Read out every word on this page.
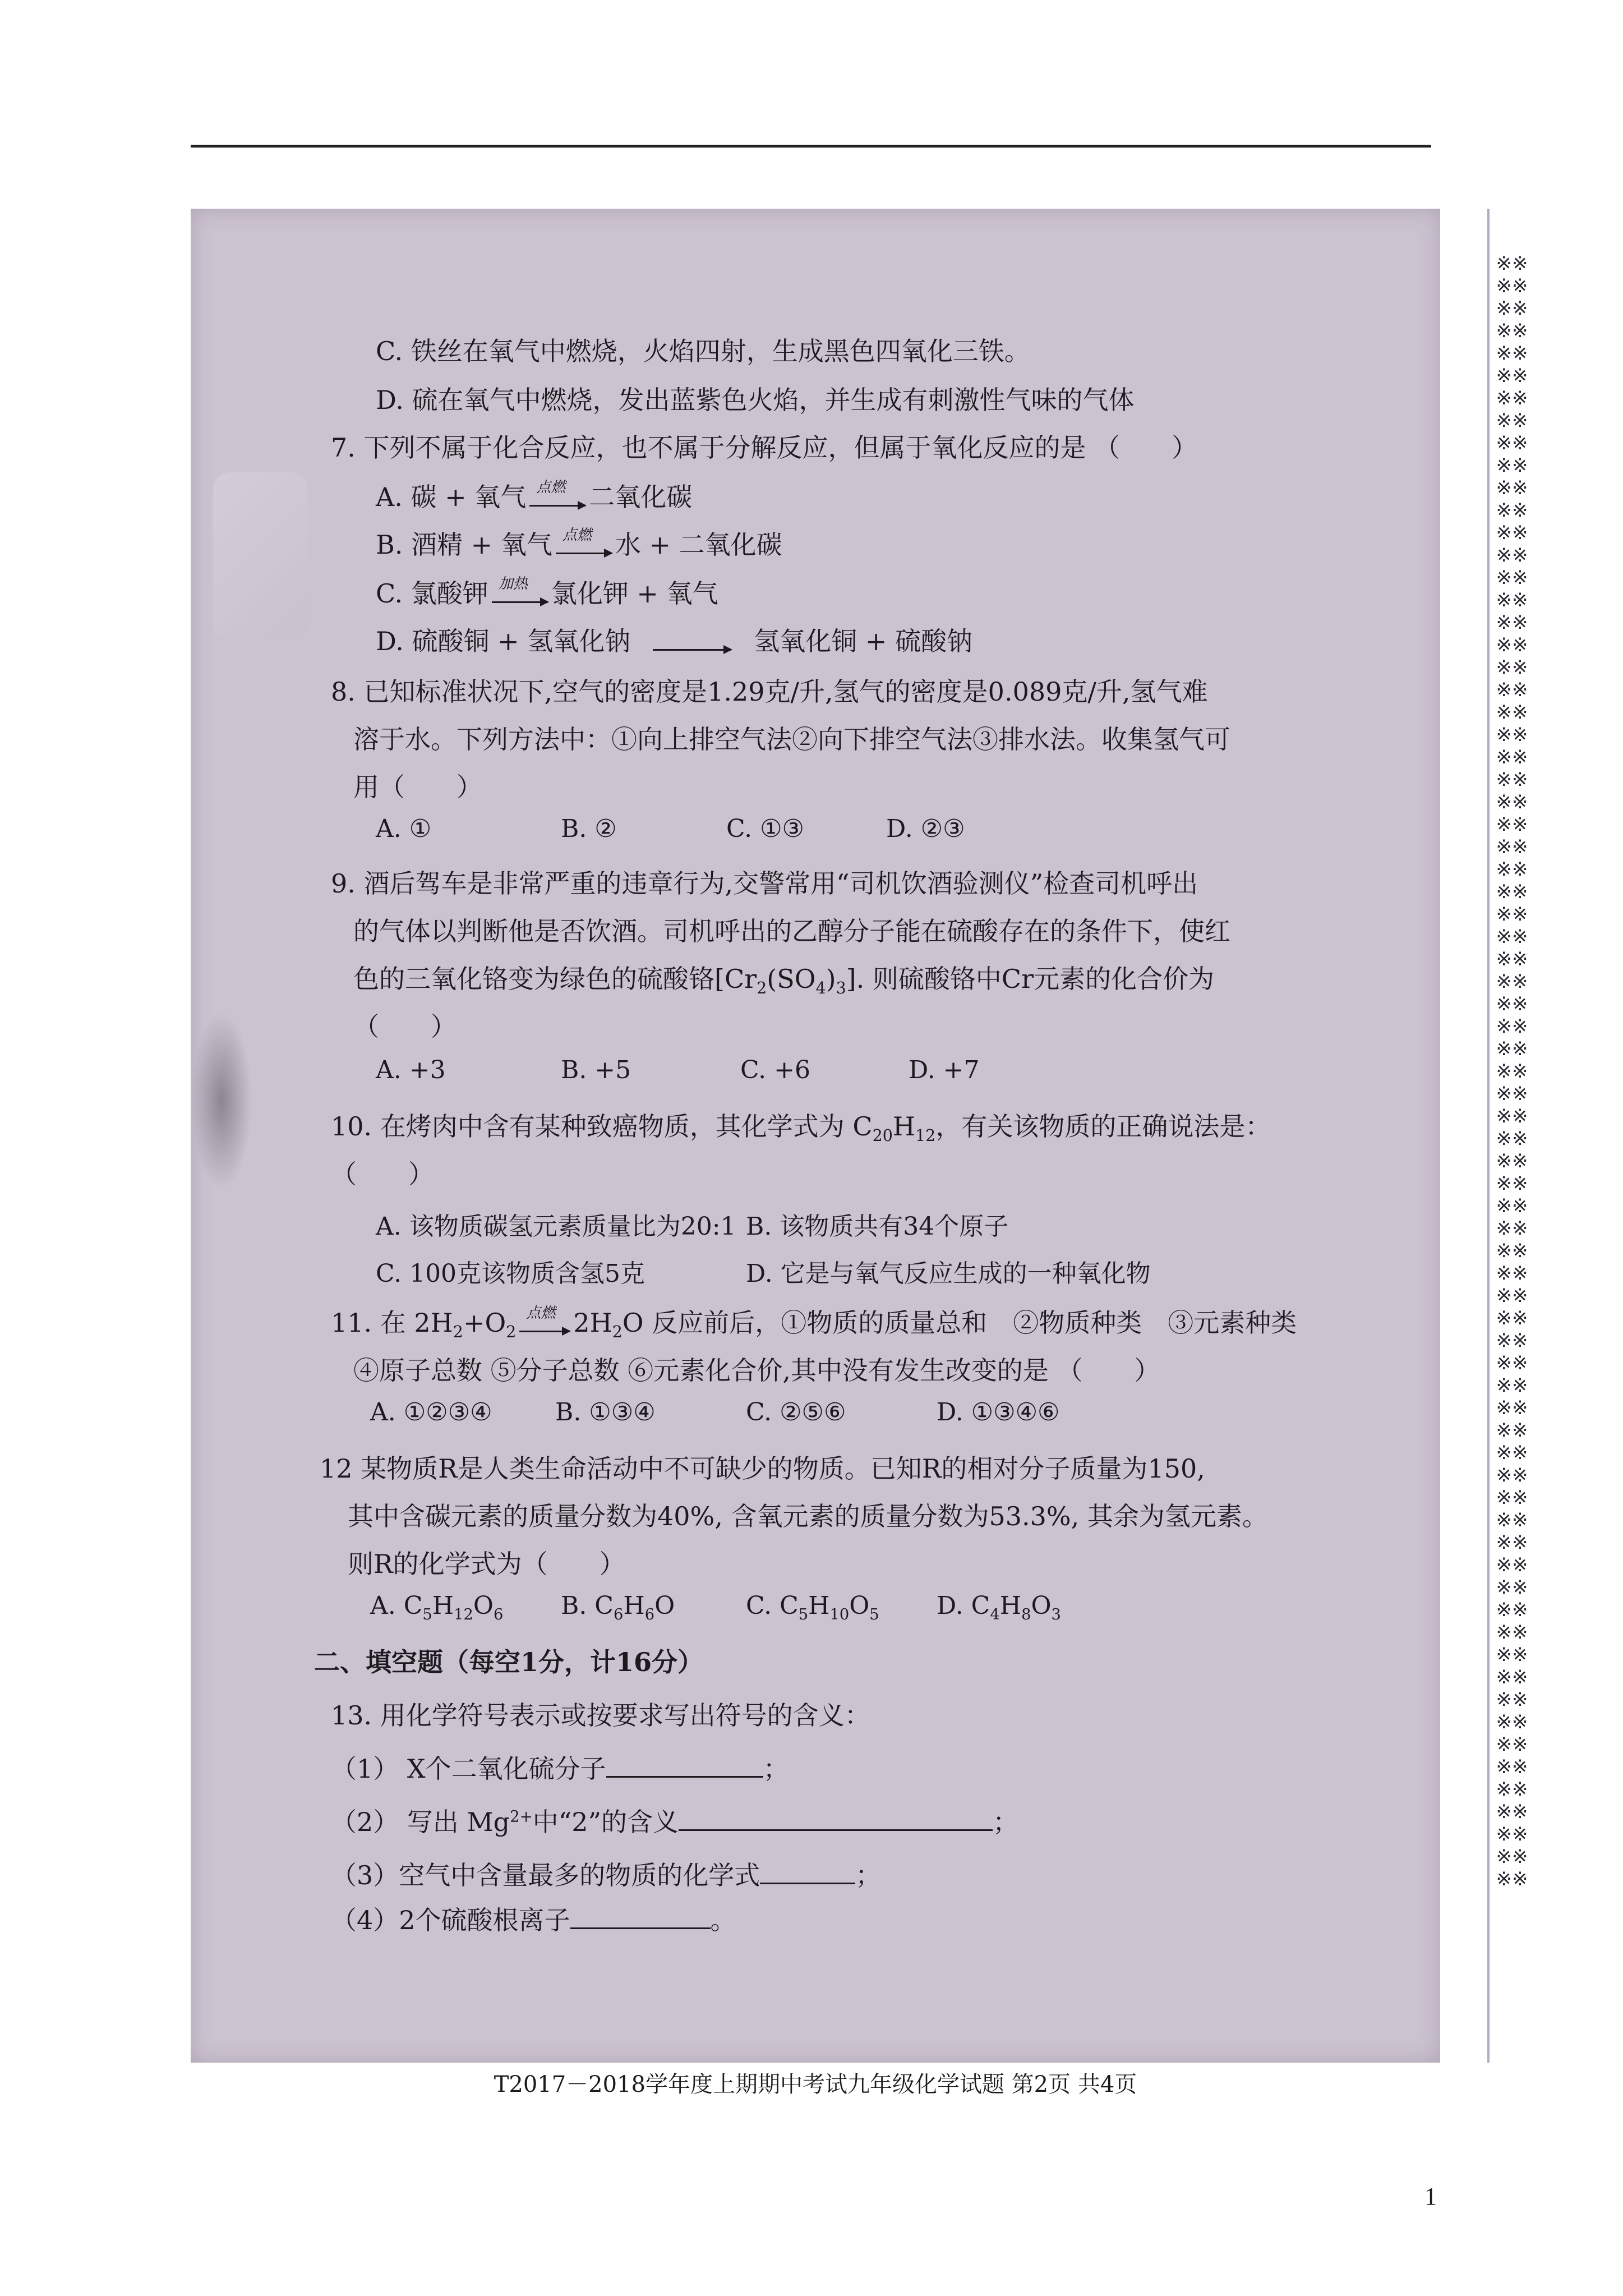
※※※※※※※※※※※※※※※※※※※※※※※※※※※※※※※※※※※※※※※※※※※※※※※※※※※※※※※※※※※※※※※※※※※※※※※※※※※※※※※※※※※※※※※※※※※※※※※※※※※※※※※※※※※※※※※※※※※※※※※※※※※※※※※※※※※※※※※※※※※※※※※※※※
C. 铁丝在氧气中燃烧，火焰四射，生成黑色四氧化三铁。
D. 硫在氧气中燃烧，发出蓝紫色火焰，并生成有刺激性气味的气体
7. 下列不属于化合反应，也不属于分解反应，但属于氧化反应的是 （　　）
A. 碳 + 氧气 点燃 二氧化碳
B. 酒精 + 氧气 点燃 水 + 二氧化碳
C. 氯酸钾 加热 氯化钾 + 氧气
D. 硫酸铜 + 氢氧化钠	氢氧化铜 + 硫酸钠
8. 已知标准状况下,空气的密度是1.29克/升,氢气的密度是0.089克/升,氢气难
溶于水。下列方法中：①向上排空气法②向下排空气法③排水法。收集氢气可
用（　　）
A. ①	B. ②	C. ①③	D. ②③
9. 酒后驾车是非常严重的违章行为,交警常用“司机饮酒验测仪”检查司机呼出
的气体以判断他是否饮酒。司机呼出的乙醇分子能在硫酸存在的条件下，使红
色的三氧化铬变为绿色的硫酸铬$[Cr_2(SO_4)_3]$. 则硫酸铬中Cr元素的化合价为
（　　）
A. +3	B. +5	C. +6	D. +7
10. 在烤肉中含有某种致癌物质，其化学式为 $C_{20}H_{12}$，有关该物质的正确说法是：
（　　）
A. 该物质碳氢元素质量比为20:1 B. 该物质共有34个原子
C. 100克该物质含氢5克	D. 它是与氧气反应生成的一种氧化物
11. 在 $2H_2+O_2$
点燃 $2H_2O$ 反应前后，①物质的质量总和　②物质种类　③元素种类
④原子总数 ⑤分子总数 ⑥元素化合价,其中没有发生改变的是 （　　）
A. ①②③④	B. ①③④	C. ②⑤⑥	D. ①③④⑥
12 某物质R是人类生命活动中不可缺少的物质。已知R的相对分子质量为150,
其中含碳元素的质量分数为40%, 含氧元素的质量分数为53.3%, 其余为氢元素。
则R的化学式为（　　）
A. $C_5H_{12}O_6$ B. $C_6H_6O$	C. $C_5H_{10}O_5$ D. $C_4H_8O_3$
二、填空题（每空1分，计16分）
13. 用化学符号表示或按要求写出符号的含义：
（1） X个二氧化硫分子	；
（2） 写出 $Mg^{2+}$中“2”的含义	；
（3）空气中含量最多的物质的化学式	；
（4）2个硫酸根离子	。
T2017－2018学年度上期期中考试九年级化学试题 第2页 共4页
1
